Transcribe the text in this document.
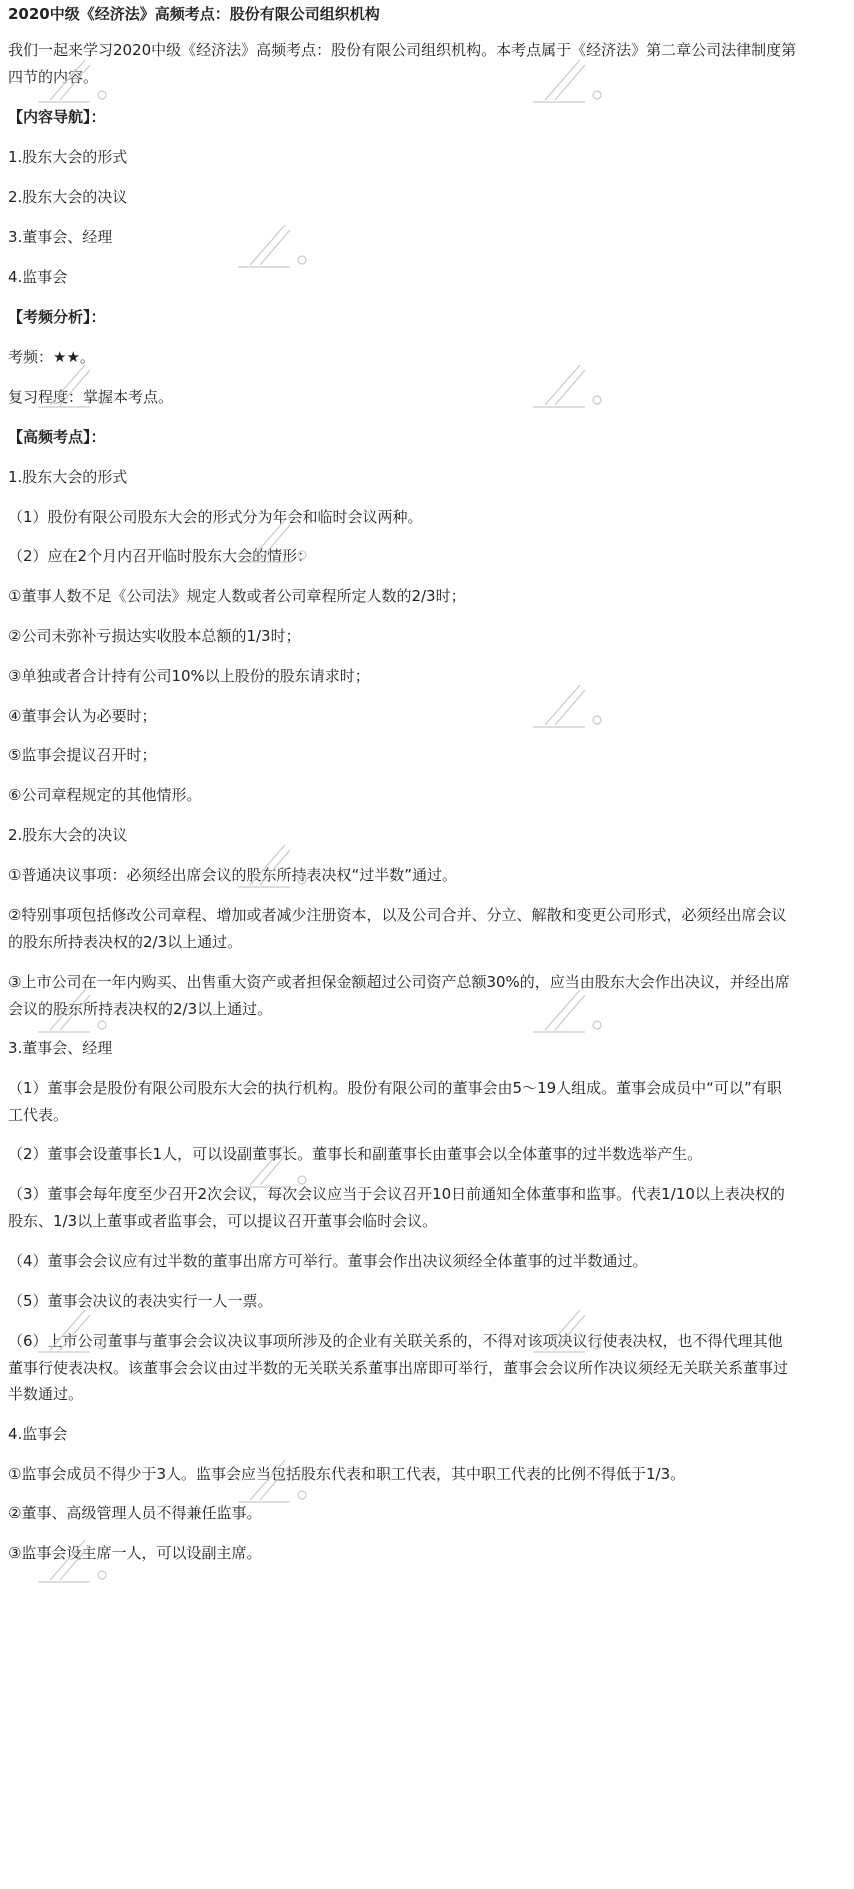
2020中级《经济法》高频考点：股份有限公司组织机构
我们一起来学习2020中级《经济法》高频考点：股份有限公司组织机构。本考点属于《经济法》第二章公司法律制度第
四节的内容。
【内容导航】：
1.股东大会的形式
2.股东大会的决议
3.董事会、经理
4.监事会
【考频分析】：
考频：★★。
复习程度：掌握本考点。
【高频考点】：
1.股东大会的形式
（1）股份有限公司股东大会的形式分为年会和临时会议两种。
（2）应在2个月内召开临时股东大会的情形：
①董事人数不足《公司法》规定人数或者公司章程所定人数的2/3时；
②公司未弥补亏损达实收股本总额的1/3时；
③单独或者合计持有公司10%以上股份的股东请求时；
④董事会认为必要时；
⑤监事会提议召开时；
⑥公司章程规定的其他情形。
2.股东大会的决议
①普通决议事项：必须经出席会议的股东所持表决权“过半数”通过。
②特别事项包括修改公司章程、增加或者减少注册资本，以及公司合并、分立、解散和变更公司形式，必须经出席会议
的股东所持表决权的2/3以上通过。
③上市公司在一年内购买、出售重大资产或者担保金额超过公司资产总额30%的，应当由股东大会作出决议，并经出席
会议的股东所持表决权的2/3以上通过。
3.董事会、经理
（1）董事会是股份有限公司股东大会的执行机构。股份有限公司的董事会由5～19人组成。董事会成员中“可以”有职
工代表。
（2）董事会设董事长1人，可以设副董事长。董事长和副董事长由董事会以全体董事的过半数选举产生。
（3）董事会每年度至少召开2次会议，每次会议应当于会议召开10日前通知全体董事和监事。代表1/10以上表决权的
股东、1/3以上董事或者监事会，可以提议召开董事会临时会议。
（4）董事会会议应有过半数的董事出席方可举行。董事会作出决议须经全体董事的过半数通过。
（5）董事会决议的表决实行一人一票。
（6）上市公司董事与董事会会议决议事项所涉及的企业有关联关系的，不得对该项决议行使表决权，也不得代理其他
董事行使表决权。该董事会会议由过半数的无关联关系董事出席即可举行，董事会会议所作决议须经无关联关系董事过
半数通过。
4.监事会
①监事会成员不得少于3人。监事会应当包括股东代表和职工代表，其中职工代表的比例不得低于1/3。
②董事、高级管理人员不得兼任监事。
③监事会设主席一人，可以设副主席。
